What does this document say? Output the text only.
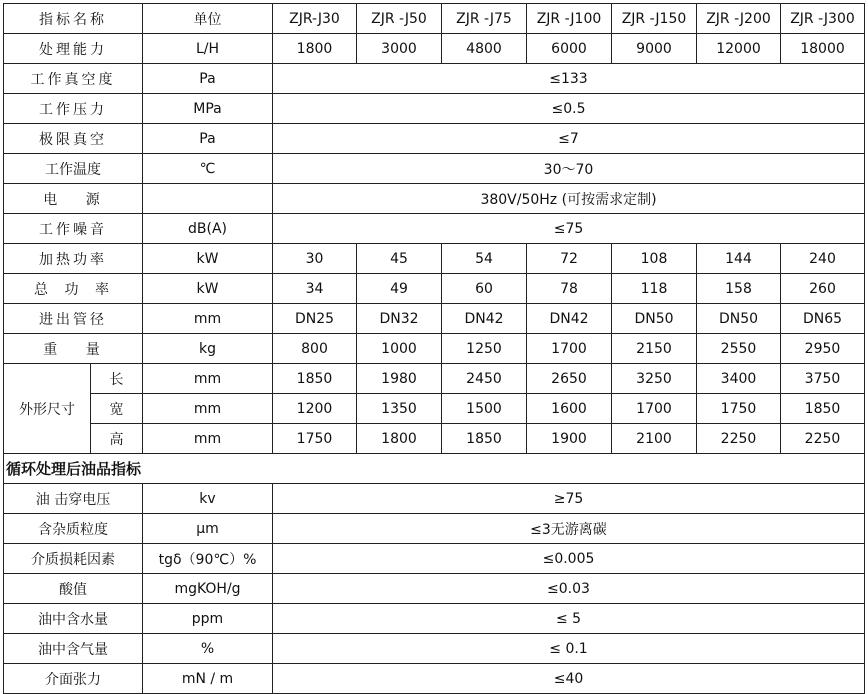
指标名称		单位	ZJR-J30	ZJR -J50	ZJR -J75	ZJR -J100	ZJR -J150	ZJR -J200	ZJR -J300
处理能力		L/H	1800	3000	4800	6000	9000	12000	18000
工作真空度		Pa	≤133						
工作压力		MPa	≤0.5						
极限真空		Pa	≤7						
工作温度		℃	30～70						
电 源			380V/50Hz (可按需求定制)						
工作噪音		dB(A)	≤75						
加热功率		kW	30	45	54	72	108	144	240
总 功 率		kW	34	49	60	78	118	158	260
进出管径		mm	DN25	DN32	DN42	DN42	DN50	DN50	DN65
重 量		kg	800	1000	1250	1700	2150	2550	2950
外形尺寸	长	mm	1850	1980	2450	2650	3250	3400	3750
	宽	mm	1200	1350	1500	1600	1700	1750	1850
	高	mm	1750	1800	1850	1900	2100	2250	2250
循环处理后油品指标									
油 击穿电压		kv	≥75						
含杂质粒度		μm	≤3无游离碳						
介质损耗因素		tgδ（90℃）%	≤0.005						
酸值		mgKOH/g	≤0.03						
油中含水量		ppm	≤ 5						
油中含气量		%	≤ 0.1						
介面张力		mN / m	≤40						
